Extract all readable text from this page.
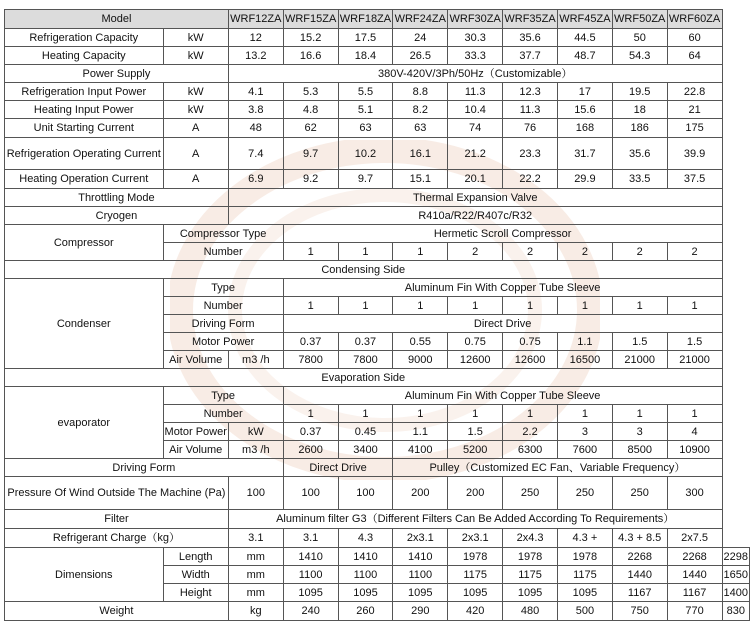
Model		WRF12ZA	WRF15ZA	WRF18ZA	WRF24ZA	WRF30ZA	WRF35ZA	WRF45ZA	WRF50ZA	WRF60ZA	
Refrigeration Capacity	kW	12	15.2	17.5	24	30.3	35.6	44.5	50	60	
Heating Capacity	kW	13.2	16.6	18.4	26.5	33.3	37.7	48.7	54.3	64	
Power Supply		380V-420V/3Ph/50Hz（Customizable）									
Refrigeration Input Power	kW	4.1	5.3	5.5	8.8	11.3	12.3	17	19.5	22.8	
Heating Input Power	kW	3.8	4.8	5.1	8.2	10.4	11.3	15.6	18	21	
Unit Starting Current	A	48	62	63	63	74	76	168	186	175	
Refrigeration Operating Current	A	7.4	9.7	10.2	16.1	21.2	23.3	31.7	35.6	39.9	
Heating Operation Current	A	6.9	9.2	9.7	15.1	20.1	22.2	29.9	33.5	37.5	
Throttling Mode		Thermal Expansion Valve									
Cryogen		R410a/R22/R407c/R32									
Compressor	Compressor Type		Hermetic Scroll Compressor								
	Number		1	1	1	2	2	2	2	2	
Condensing Side											
Condenser	Type		Aluminum Fin With Copper Tube Sleeve								
	Number		1	1	1	1	1	1	1	1	
	Driving Form		Direct Drive								
	Motor Power		0.37	0.37	0.55	0.75	0.75	1.1	1.5	1.5	
	Air Volume	m3 /h	7800	7800	9000	12600	12600	16500	21000	21000	
Evaporation Side											
evaporator	Type		Aluminum Fin With Copper Tube Sleeve								
	Number		1	1	1	1	1	1	1	1	
	Motor Power	kW	0.37	0.45	1.1	1.5	2.2	3	3	4	
	Air Volume	m3 /h	2600	3400	4100	5200	6300	7600	8500	10900	
Driving Form			Direct Drive		Pulley（Customized EC Fan、Variable Frequency）						
Pressure Of Wind Outside The Machine (Pa)		100	100	100	200	200	250	250	250	300	
Filter		Aluminum filter G3（Different Filters Can Be Added According To Requirements）									
Refrigerant Charge（kg）		3.1	3.1	4.3	2x3.1	2x3.1	2x4.3	4.3 +	4.3 + 8.5	2x7.5	
Dimensions	Length	mm	1410	1410	1410	1978	1978	1978	2268	2268	2298
	Width	mm	1100	1100	1100	1175	1175	1175	1440	1440	1650
	Height	mm	1095	1095	1095	1095	1095	1095	1167	1167	1400
Weight		kg	240	260	290	420	480	500	750	770	830
